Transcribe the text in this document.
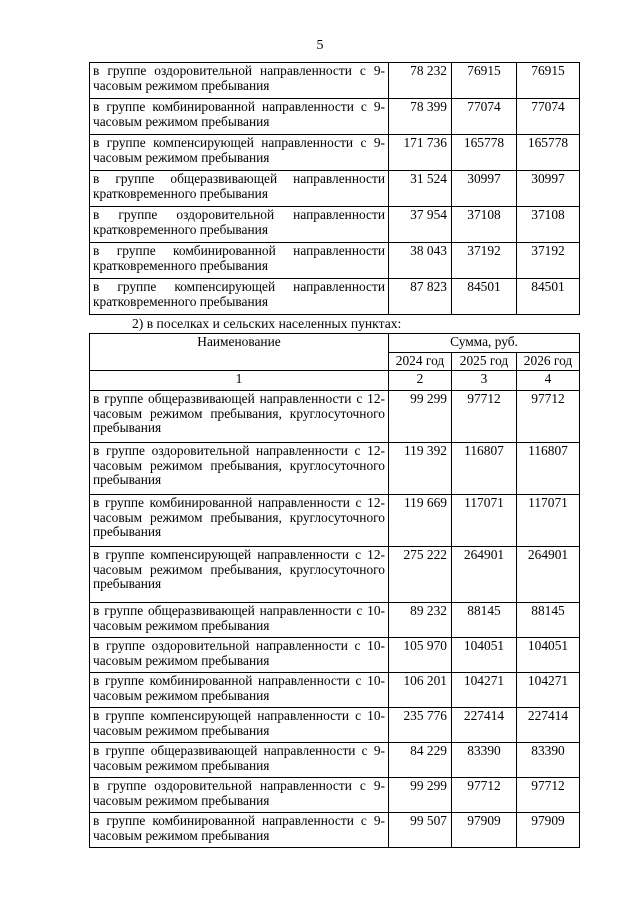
5
в группе оздоровительной направленности с 9-часовым режимом пребывания	78 232	76915	76915
в группе комбинированной направленности с 9-часовым режимом пребывания	78 399	77074	77074
в группе компенсирующей направленности с 9-часовым режимом пребывания	171 736	165778	165778
в группе общеразвивающей направленности кратковременного пребывания	31 524	30997	30997
в группе оздоровительной направленности кратковременного пребывания	37 954	37108	37108
в группе комбинированной направленности кратковременного пребывания	38 043	37192	37192
в группе компенсирующей направленности кратковременного пребывания	87 823	84501	84501
2) в поселках и сельских населенных пунктах:
Наименование	Сумма, руб.		
	2024 год	2025 год	2026 год
1	2	3	4
в группе общеразвивающей направленности с 12-часовым режимом пребывания, круглосуточного пребывания	99 299	97712	97712
в группе оздоровительной направленности с 12-часовым режимом пребывания, круглосуточного пребывания	119 392	116807	116807
в группе комбинированной направленности с 12-часовым режимом пребывания, круглосуточного пребывания	119 669	117071	117071
в группе компенсирующей направленности с 12-часовым режимом пребывания, круглосуточного пребывания	275 222	264901	264901
в группе общеразвивающей направленности с 10-часовым режимом пребывания	89 232	88145	88145
в группе оздоровительной направленности с 10-часовым режимом пребывания	105 970	104051	104051
в группе комбинированной направленности с 10-часовым режимом пребывания	106 201	104271	104271
в группе компенсирующей направленности с 10-часовым режимом пребывания	235 776	227414	227414
в группе общеразвивающей направленности с 9-часовым режимом пребывания	84 229	83390	83390
в группе оздоровительной направленности с 9-часовым режимом пребывания	99 299	97712	97712
в группе комбинированной направленности с 9-часовым режимом пребывания	99 507	97909	97909
